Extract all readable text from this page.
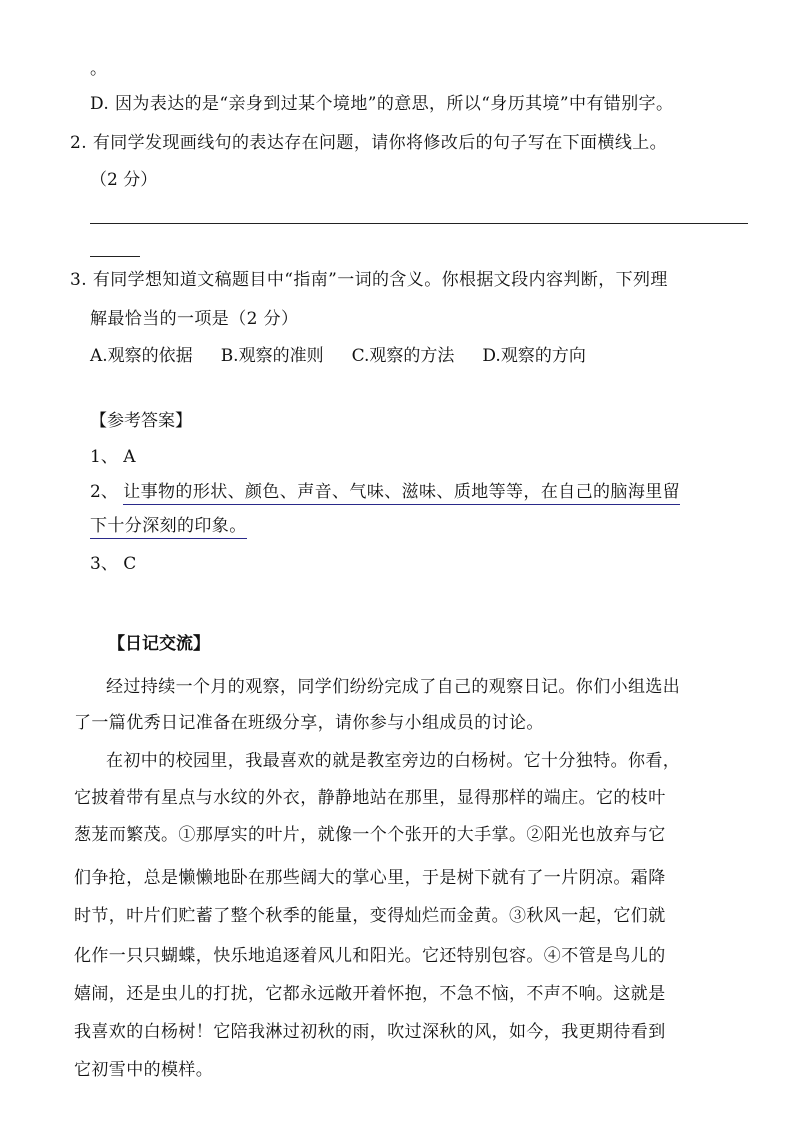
。
D. 因为表达的是“亲身到过某个境地”的意思，所以“身历其境”中有错别字。
2. 有同学发现画线句的表达存在问题，请你将修改后的句子写在下面横线上。
（2 分）
3. 有同学想知道文稿题目中“指南”一词的含义。你根据文段内容判断，下列理
解最恰当的一项是（2 分）
A.观察的依据 B.观察的准则 C.观察的方法 D.观察的方向
【参考答案】
1、 A
2、 让事物的形状、颜色、声音、气味、滋味、质地等等，在自己的脑海里留
下十分深刻的印象。
3、 C
【日记交流】
经过持续一个月的观察，同学们纷纷完成了自己的观察日记。你们小组选出
了一篇优秀日记准备在班级分享，请你参与小组成员的讨论。
在初中的校园里，我最喜欢的就是教室旁边的白杨树。它十分独特。你看，
它披着带有星点与水纹的外衣，静静地站在那里，显得那样的端庄。它的枝叶
葱茏而繁茂。①那厚实的叶片，就像一个个张开的大手掌。②阳光也放弃与它
们争抢，总是懒懒地卧在那些阔大的掌心里，于是树下就有了一片阴凉。霜降
时节，叶片们贮蓄了整个秋季的能量，变得灿烂而金黄。③秋风一起，它们就
化作一只只蝴蝶，快乐地追逐着风儿和阳光。它还特别包容。④不管是鸟儿的
嬉闹，还是虫儿的打扰，它都永远敞开着怀抱，不急不恼，不声不响。这就是
我喜欢的白杨树！它陪我淋过初秋的雨，吹过深秋的风，如今，我更期待看到
它初雪中的模样。
